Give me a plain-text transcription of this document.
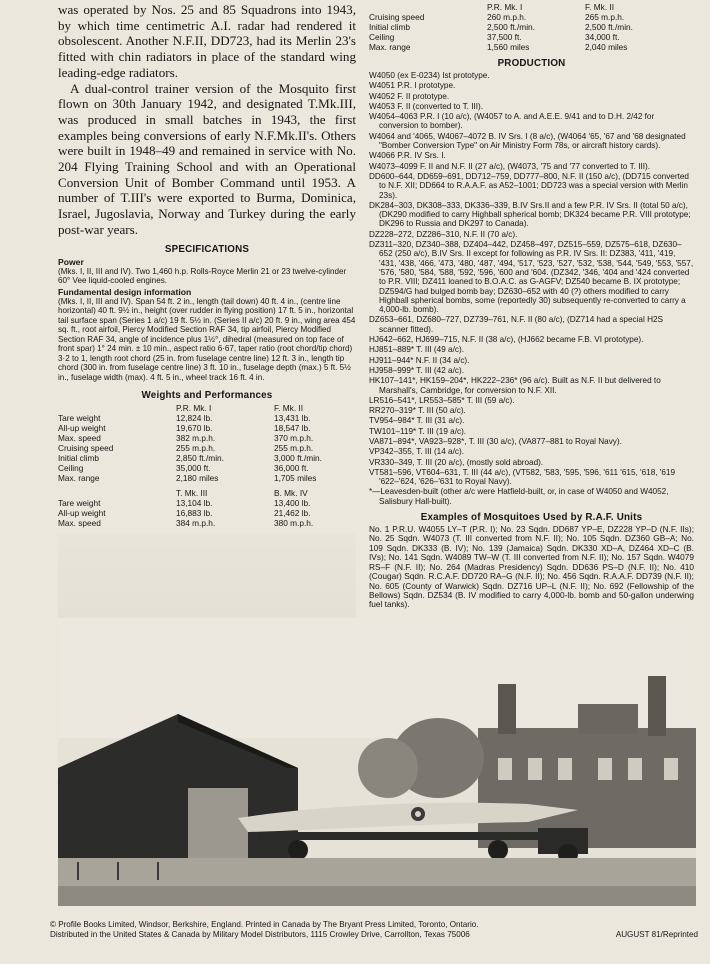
was operated by Nos. 25 and 85 Squadrons into 1943, by which time centimetric A.I. radar had rendered it obsolescent. Another N.F.II, DD723, had its Merlin 23's fitted with chin radiators in place of the standard wing leading-edge radiators.

A dual-control trainer version of the Mosquito first flown on 30th January 1942, and designated T.Mk.III, was produced in small batches in 1943, the first examples being conversions of early N.F.Mk.II's. Others were built in 1948–49 and remained in service with No. 204 Flying Training School and with an Operational Conversion Unit of Bomber Command until 1953. A number of T.III's were exported to Burma, Dominica, Israel, Jugoslavia, Norway and Turkey during the early post-war years.

SPECIFICATIONS
Power

(Mks. I, II, III and IV). Two 1,460 h.p. Rolls-Royce Merlin 21 or 23 twelve-cylinder 60° Vee liquid-cooled engines.

Fundamental design information

(Mks. I, II, III and IV). Span 54 ft. 2 in., length (tail down) 40 ft. 4 in., (centre line horizontal) 40 ft. 9½ in., height (over rudder in flying position) 17 ft. 5 in., horizontal tail surface span (Series 1 a/c) 19 ft. 5½ in. (Series II a/c) 20 ft. 9 in., wing area 454 sq. ft., root airfoil, Piercy Modified Section RAF 34, tip airfoil, Piercy Modified Section RAF 34, angle of incidence plus 1½°, dihedral (measured on top face of front spar) 1° 24 min. ± 10 min., aspect ratio 6·67, taper ratio (root chord/tip chord) 3·2 to 1, length root chord (25 in. from fuselage centre line) 12 ft. 3 in., length tip chord (300 in. from fuselage centre line) 3 ft. 10 in., fuselage depth (max.) 5 ft. 5½ in., fuselage width (max). 4 ft. 5 in., wheel track 16 ft. 4 in.

Weights and Performances
	P.R. Mk. I	F. Mk. II
Tare weight	12,824 lb.	13,431 lb.
All-up weight	19,670 lb.	18,547 lb.
Max. speed	382 m.p.h.	370 m.p.h.
Cruising speed	255 m.p.h.	255 m.p.h.
Initial climb	2,850 ft./min.	3,000 ft./min.
Ceiling	35,000 ft.	36,000 ft.
Max. range	2,180 miles	1,705 miles
	T. Mk. III	B. Mk. IV
Tare weight	13,104 lb.	13,400 lb.
All-up weight	16,883 lb.	21,462 lb.
Max. speed	384 m.p.h.	380 m.p.h.

	P.R. Mk. I	F. Mk. II
Cruising speed	260 m.p.h.	265 m.p.h.
Initial climb	2,500 ft./min.	2,500 ft./min.
Ceiling	37,500 ft.	34,000 ft.
Max. range	1,560 miles	2,040 miles
PRODUCTION

W4050 (ex E-0234) Ist prototype.

W4051 P.R. I prototype.

W4052 F. II prototype.

W4053 F. II (converted to T. III).

W4054–4063 P.R. I (10 a/c), (W4057 to A. and A.E.E. 9/41 and to D.H. 2/42 for conversion to bomber).

W4064 and '4065, W4067–4072 B. IV Srs. I (8 a/c), (W4064 '65, '67 and '68 designated "Bomber Conversion Type" on Air Ministry Form 78s, or aircraft history cards).

W4066 P.R. IV Srs. I.

W4073–4099 F. II and N.F. II (27 a/c), (W4073, '75 and '77 converted to T. III).

DD600–644, DD659–691, DD712–759, DD777–800, N.F. II (150 a/c), (DD715 converted to N.F. XII; DD664 to R.A.A.F. as A52–1001; DD723 was a special version with Merlin 23s).

DK284–303, DK308–333, DK336–339, B.IV Srs.II and a few P.R. IV Srs. II (total 50 a/c), (DK290 modified to carry Highball spherical bomb; DK324 became P.R. VIII prototype; DK296 to Russia and DK297 to Canada).

DZ228–272, DZ286–310, N.F. II (70 a/c).

DZ311–320, DZ340–388, DZ404–442, DZ458–497, DZ515–559, DZ575–618, DZ630–652 (250 a/c), B.IV Srs. II except for following as P.R. IV Srs. II: DZ383, '411, '419, '431, '438, '466, '473, '480, '487, '494, '517, '523, '527, '532, '538, '544, '549, '553, '557, '576, '580, '584, '588, '592, '596, '600 and '604. (DZ342, '346, '404 and '424 converted to P.R. VIII; DZ411 loaned to B.O.A.C. as G-AGFV; DZ540 became B. IX prototype; DZ594/G had bulged bomb bay; DZ630–652 with 40 (?) others modified to carry Highball spherical bombs, some (reportedly 30) subsequently re-converted to carry a 4,000-lb. bomb).

DZ653–661, DZ680–727, DZ739–761, N.F. II (80 a/c), (DZ714 had a special H2S scanner fitted).

HJ642–662, HJ699–715, N.F. II (38 a/c), (HJ662 became F.B. VI prototype).

HJ851–889* T. III (49 a/c).

HJ911–944* N.F. II (34 a/c).

HJ958–999* T. III (42 a/c).

HK107–141*, HK159–204*, HK222–236* (96 a/c). Built as N.F. II but delivered to Marshall's, Cambridge, for conversion to N.F. XII.

LR516–541*, LR553–585* T. III (59 a/c).

RR270–319* T. III (50 a/c).

TV954–984* T. III (31 a/c).

TW101–119* T. III (19 a/c).

VA871–894*, VA923–928*, T. III (30 a/c), (VA877–881 to Royal Navy).

VP342–355, T. III (14 a/c).

VR330–349, T. III (20 a/c), (mostly sold abroad).

VT581–596, VT604–631, T. III (44 a/c), (VT582, '583, '595, '596, '611 '615, '618, '619 '622–'624, '626–'631 to Royal Navy).

*—Leavesden-built (other a/c were Hatfield-built, or, in case of W4050 and W4052, Salisbury Hall-built).

Examples of Mosquitoes Used by R.A.F. Units

No. 1 P.R.U. W4055 LY–T (P.R. I); No. 23 Sqdn. DD687 YP–E, DZ228 YP–D (N.F. IIs); No. 25 Sqdn. W4073 (T. III converted from N.F. II); No. 105 Sqdn. DZ360 GB–A; No. 109 Sqdn. DK333 (B. IV); No. 139 (Jamaica) Sqdn. DK330 XD–A, DZ464 XD–C (B. IVs); No. 141 Sqdn. W4089 TW–W (T. III converted from N.F. II); No. 157 Sqdn. W4079 RS–F (N.F. II); No. 264 (Madras Presidency) Sqdn. DD636 PS–D (N.F. II); No. 410 (Cougar) Sqdn. R.C.A.F. DD720 RA–G (N.F. II); No. 456 Sqdn. R.A.A.F. DD739 (N.F. II); No. 605 (County of Warwick) Sqdn. DZ716 UP–L (N.F. II); No. 692 (Fellowship of the Bellows) Sqdn. DZ534 (B. IV modified to carry 4,000-lb. bomb and 50-gallon underwing fuel tanks).

© Profile Books Limited, Windsor, Berkshire, England. Printed in Canada by The Bryant Press Limited, Toronto, Ontario.
Distributed in the United States & Canada by Military Model Distributors, 1115 Crowley Drive, Carrollton, Texas 75006	AUGUST 81/Reprinted
